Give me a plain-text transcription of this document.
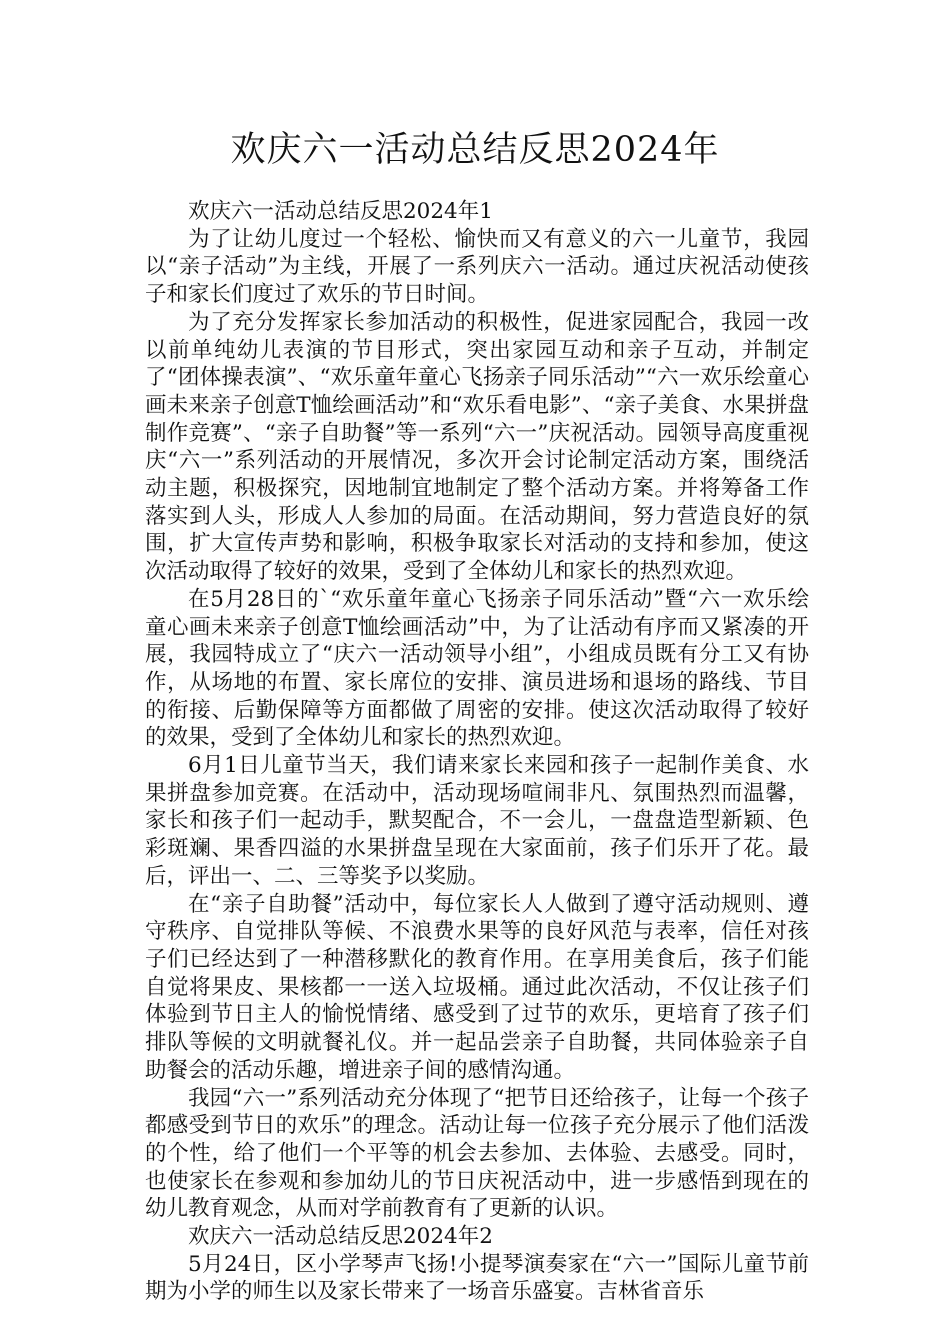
欢庆六一活动总结反思2024年

欢庆六一活动总结反思2024年1

为了让幼儿度过一个轻松、愉快而又有意义的六一儿童节，我园以“亲子活动”为主线，开展了一系列庆六一活动。通过庆祝活动使孩子和家长们度过了欢乐的节日时间。

为了充分发挥家长参加活动的积极性，促进家园配合，我园一改以前单纯幼儿表演的节目形式，突出家园互动和亲子互动，并制定了“团体操表演”、“欢乐童年童心飞扬亲子同乐活动”“六一欢乐绘童心画未来亲子创意T恤绘画活动”和“欢乐看电影”、“亲子美食、水果拼盘制作竞赛”、“亲子自助餐”等一系列“六一”庆祝活动。园领导高度重视庆“六一”系列活动的开展情况，多次开会讨论制定活动方案，围绕活动主题，积极探究，因地制宜地制定了整个活动方案。并将筹备工作落实到人头，形成人人参加的局面。在活动期间，努力营造良好的氛围，扩大宣传声势和影响，积极争取家长对活动的支持和参加，使这次活动取得了较好的效果，受到了全体幼儿和家长的热烈欢迎。

在5月28日的`“欢乐童年童心飞扬亲子同乐活动”暨“六一欢乐绘童心画未来亲子创意T恤绘画活动”中，为了让活动有序而又紧凑的开展，我园特成立了“庆六一活动领导小组”，小组成员既有分工又有协作，从场地的布置、家长席位的安排、演员进场和退场的路线、节目的衔接、后勤保障等方面都做了周密的安排。使这次活动取得了较好的效果，受到了全体幼儿和家长的热烈欢迎。

6月1日儿童节当天，我们请来家长来园和孩子一起制作美食、水果拼盘参加竞赛。在活动中，活动现场喧闹非凡、氛围热烈而温馨，家长和孩子们一起动手，默契配合，不一会儿，一盘盘造型新颖、色彩斑斓、果香四溢的水果拼盘呈现在大家面前，孩子们乐开了花。最后，评出一、二、三等奖予以奖励。

在“亲子自助餐”活动中，每位家长人人做到了遵守活动规则、遵守秩序、自觉排队等候、不浪费水果等的良好风范与表率，信任对孩子们已经达到了一种潜移默化的教育作用。在享用美食后，孩子们能自觉将果皮、果核都一一送入垃圾桶。通过此次活动，不仅让孩子们体验到节日主人的愉悦情绪、感受到了过节的欢乐，更培育了孩子们排队等候的文明就餐礼仪。并一起品尝亲子自助餐，共同体验亲子自助餐会的活动乐趣，增进亲子间的感情沟通。

我园“六一”系列活动充分体现了“把节日还给孩子，让每一个孩子都感受到节日的欢乐”的理念。活动让每一位孩子充分展示了他们活泼的个性，给了他们一个平等的机会去参加、去体验、去感受。同时，也使家长在参观和参加幼儿的节日庆祝活动中，进一步感悟到现在的幼儿教育观念，从而对学前教育有了更新的认识。

欢庆六一活动总结反思2024年2

5月24日，区小学琴声飞扬!小提琴演奏家在“六一”国际儿童节前期为小学的师生以及家长带来了一场音乐盛宴。吉林省音乐
